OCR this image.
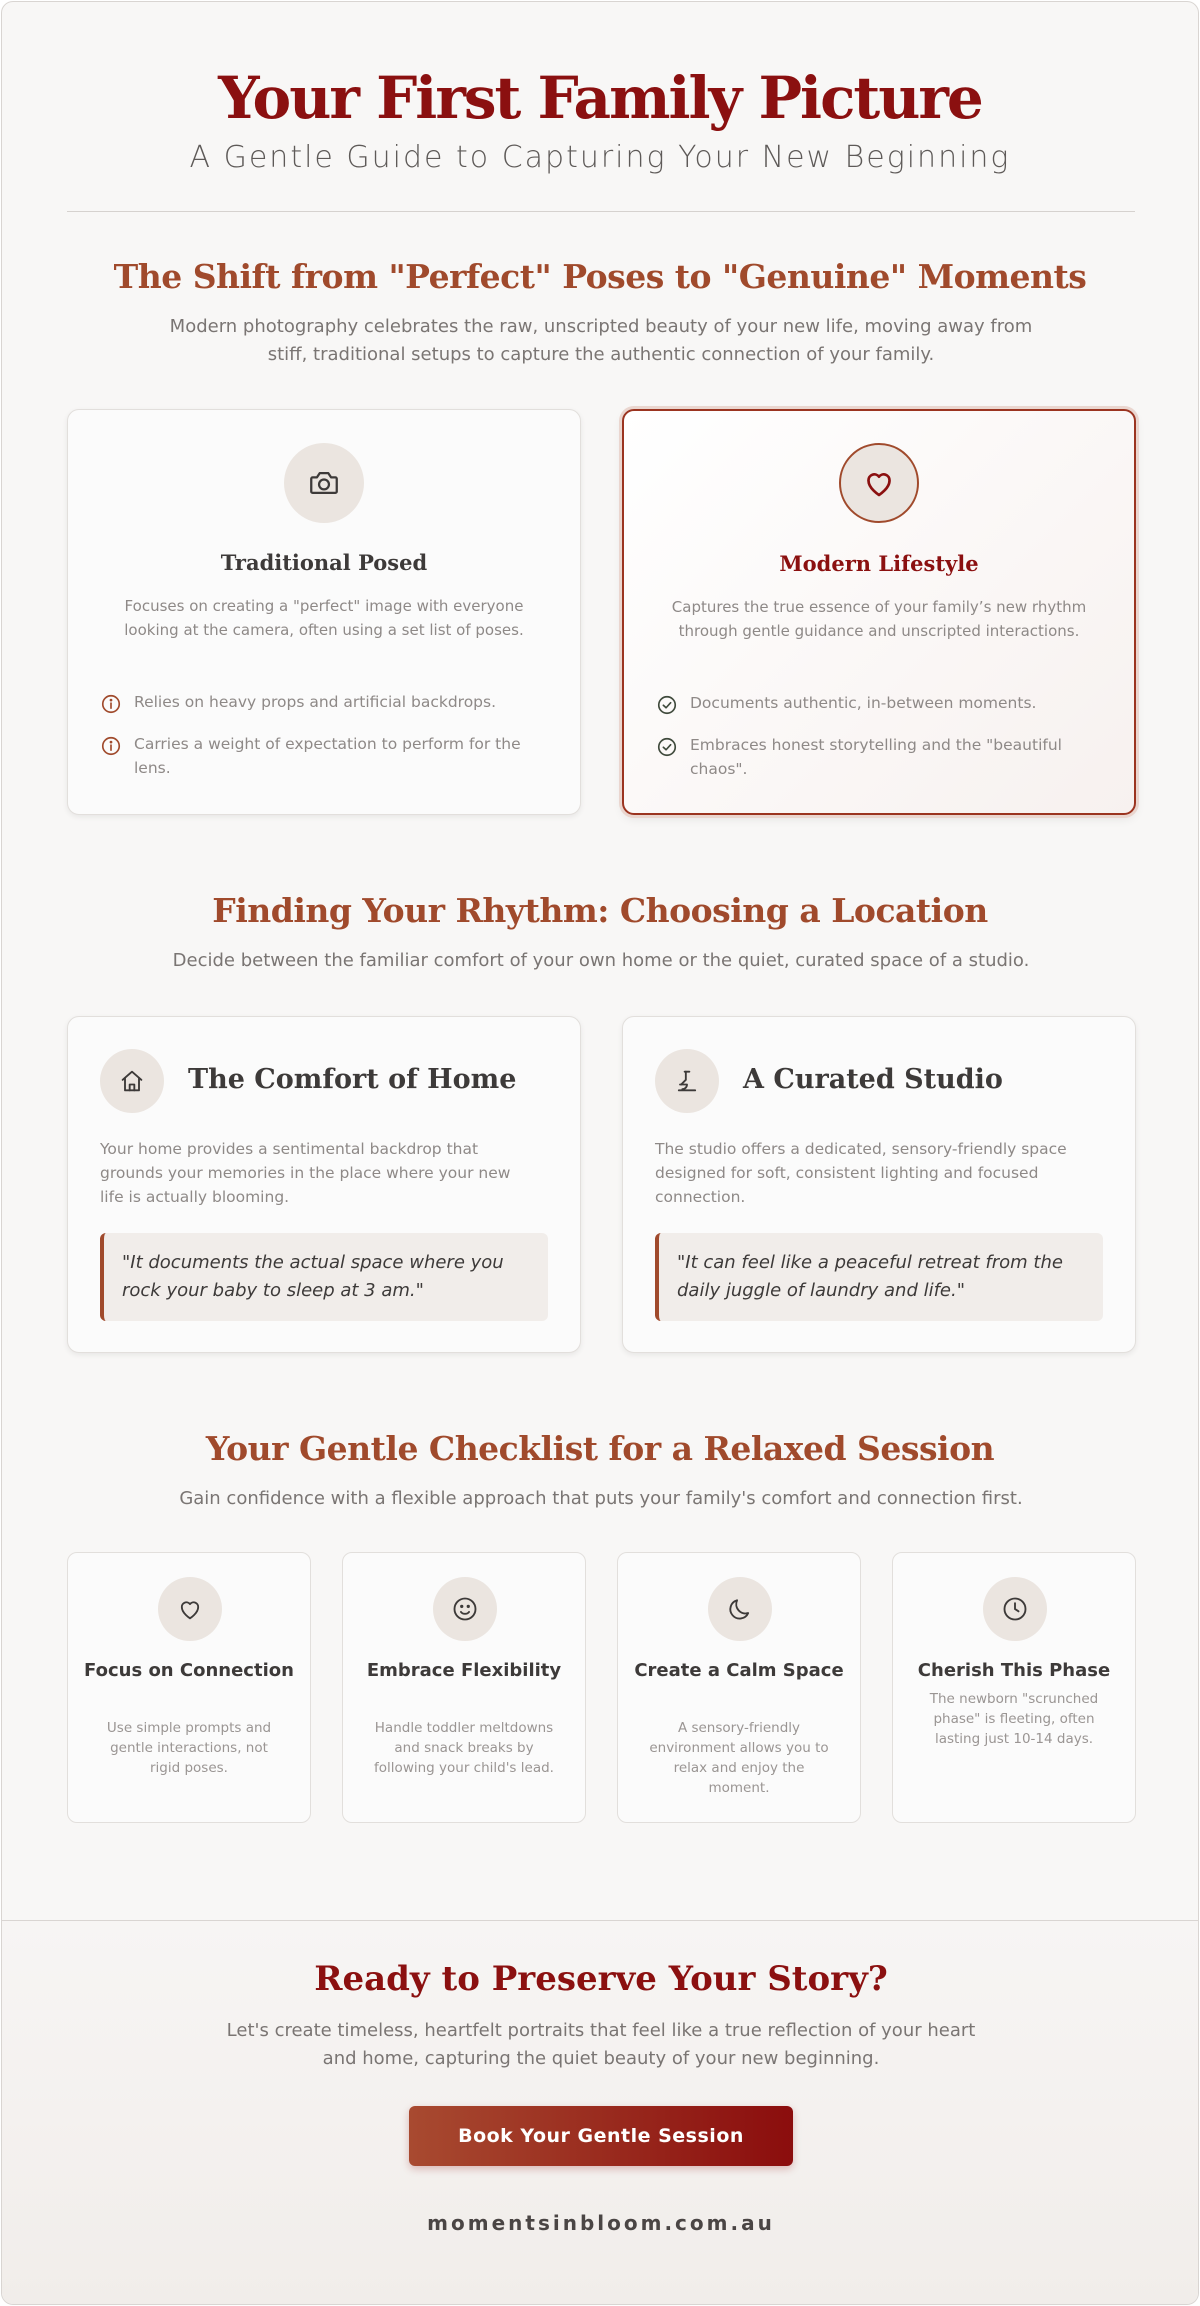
Your First Family Picture
A Gentle Guide to Capturing Your New Beginning
The Shift from "Perfect" Poses to "Genuine" Moments
Modern photography celebrates the raw, unscripted beauty of your new life, moving away from stiff, traditional setups to capture the authentic connection of your family.
Traditional Posed
Focuses on creating a "perfect" image with everyone looking at the camera, often using a set list of poses.
Relies on heavy props and artificial backdrops.
Carries a weight of expectation to perform for the lens.
Modern Lifestyle
Captures the true essence of your family’s new rhythm through gentle guidance and unscripted interactions.
Documents authentic, in-between moments.
Embraces honest storytelling and the "beautiful chaos".
Finding Your Rhythm: Choosing a Location
Decide between the familiar comfort of your own home or the quiet, curated space of a studio.
The Comfort of Home
Your home provides a sentimental backdrop that grounds your memories in the place where your new life is actually blooming.
"It documents the actual space where you rock your baby to sleep at 3 am."
A Curated Studio
The studio offers a dedicated, sensory-friendly space designed for soft, consistent lighting and focused connection.
"It can feel like a peaceful retreat from the daily juggle of laundry and life."
Your Gentle Checklist for a Relaxed Session
Gain confidence with a flexible approach that puts your family's comfort and connection first.
Focus on Connection
Use simple prompts and gentle interactions, not rigid poses.
Embrace Flexibility
Handle toddler meltdowns and snack breaks by following your child's lead.
Create a Calm Space
A sensory-friendly environment allows you to relax and enjoy the moment.
Cherish This Phase
The newborn "scrunched phase" is fleeting, often lasting just 10-14 days.
Ready to Preserve Your Story?
Let's create timeless, heartfelt portraits that feel like a true reflection of your heart and home, capturing the quiet beauty of your new beginning.
Book Your Gentle Session
momentsinbloom.com.au
